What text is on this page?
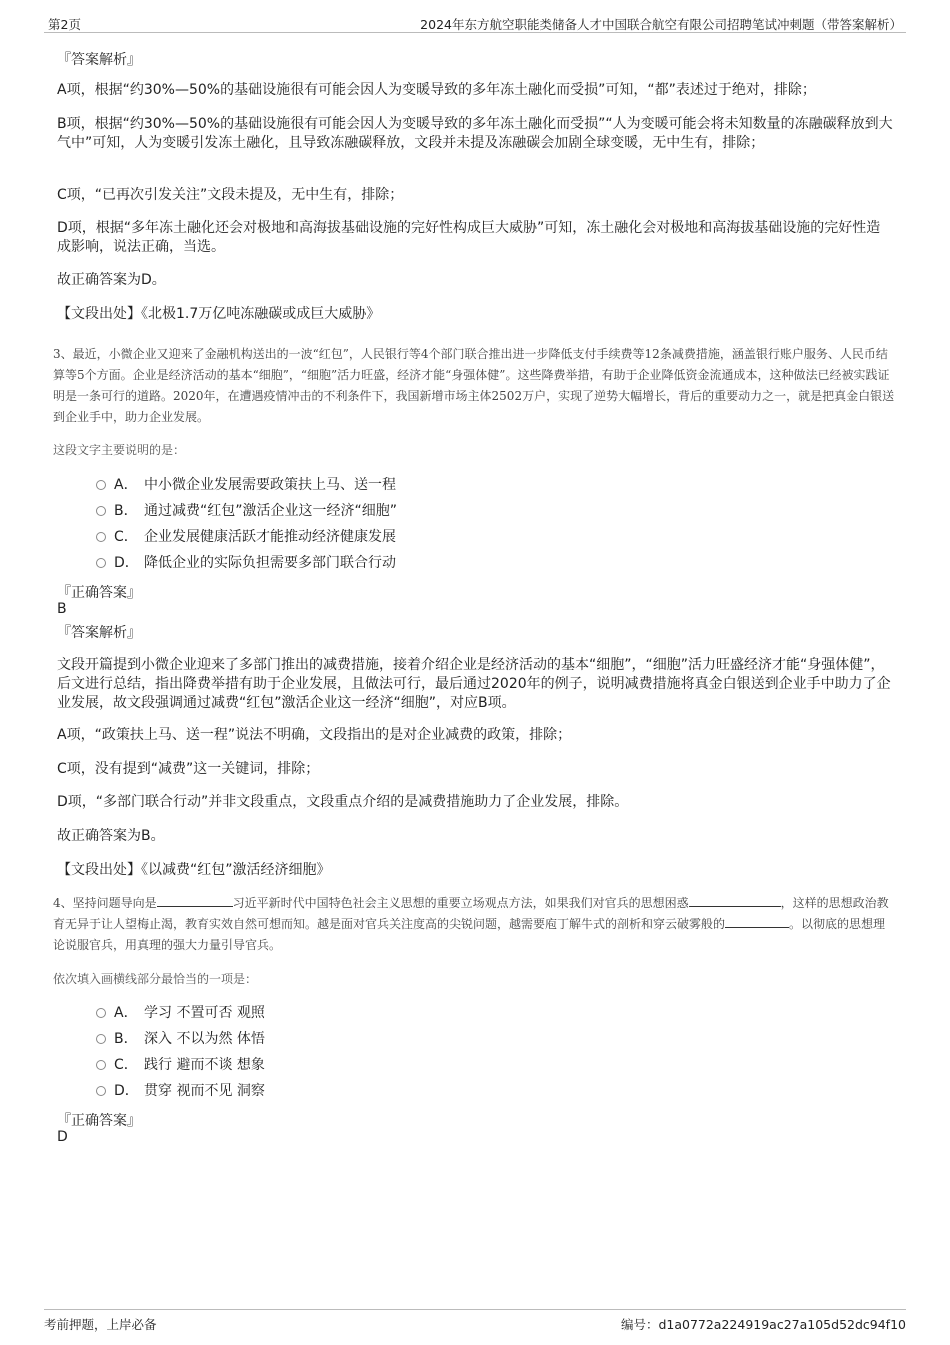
第2页	2024年东方航空职能类储备人才中国联合航空有限公司招聘笔试冲刺题（带答案解析）
『答案解析』
A项，根据“约30%—50%的基础设施很有可能会因人为变暖导致的多年冻土融化而受损”可知，“都”表述过于绝对，排除；
B项，根据“约30%—50%的基础设施很有可能会因人为变暖导致的多年冻土融化而受损”“人为变暖可能会将未知数量的冻融碳释放到大气中”可知，人为变暖引发冻土融化，且导致冻融碳释放，文段并未提及冻融碳会加剧全球变暖，无中生有，排除；
C项，“已再次引发关注”文段未提及，无中生有，排除；
D项，根据“多年冻土融化还会对极地和高海拔基础设施的完好性构成巨大威胁”可知，冻土融化会对极地和高海拔基础设施的完好性造成影响，说法正确，当选。
故正确答案为D。
【文段出处】《北极1.7万亿吨冻融碳或成巨大威胁》
3、最近，小微企业又迎来了金融机构送出的一波“红包”，人民银行等4个部门联合推出进一步降低支付手续费等12条减费措施，涵盖银行账户服务、人民币结算等5个方面。企业是经济活动的基本“细胞”，“细胞”活力旺盛，经济才能“身强体健”。这些降费举措，有助于企业降低资金流通成本，这种做法已经被实践证明是一条可行的道路。2020年，在遭遇疫情冲击的不利条件下，我国新增市场主体2502万户，实现了逆势大幅增长，背后的重要动力之一，就是把真金白银送到企业手中，助力企业发展。
这段文字主要说明的是：
A． 中小微企业发展需要政策扶上马、送一程
B． 通过减费“红包”激活企业这一经济“细胞”
C． 企业发展健康活跃才能推动经济健康发展
D． 降低企业的实际负担需要多部门联合行动
『正确答案』
B
『答案解析』
文段开篇提到小微企业迎来了多部门推出的减费措施，接着介绍企业是经济活动的基本“细胞”，“细胞”活力旺盛经济才能“身强体健”，后文进行总结，指出降费举措有助于企业发展，且做法可行，最后通过2020年的例子，说明减费措施将真金白银送到企业手中助力了企业发展，故文段强调通过减费“红包”激活企业这一经济“细胞”，对应B项。
A项，“政策扶上马、送一程”说法不明确，文段指出的是对企业减费的政策，排除；
C项，没有提到“减费”这一关键词，排除；
D项，“多部门联合行动”并非文段重点，文段重点介绍的是减费措施助力了企业发展，排除。
故正确答案为B。
【文段出处】《以减费“红包”激活经济细胞》
4、坚持问题导向是	习近平新时代中国特色社会主义思想的重要立场观点方法，如果我们对官兵的思想困惑	，这样的思想政治教育无异于让人望梅止渴，教育实效自然可想而知。越是面对官兵关注度高的尖锐问题，越需要庖丁解牛式的剖析和穿云破雾般的	。以彻底的思想理论说服官兵，用真理的强大力量引导官兵。
依次填入画横线部分最恰当的一项是：
A． 学习 不置可否 观照
B． 深入 不以为然 体悟
C． 践行 避而不谈 想象
D． 贯穿 视而不见 洞察
『正确答案』
D
考前押题，上岸必备	编号：d1a0772a224919ac27a105d52dc94f10
